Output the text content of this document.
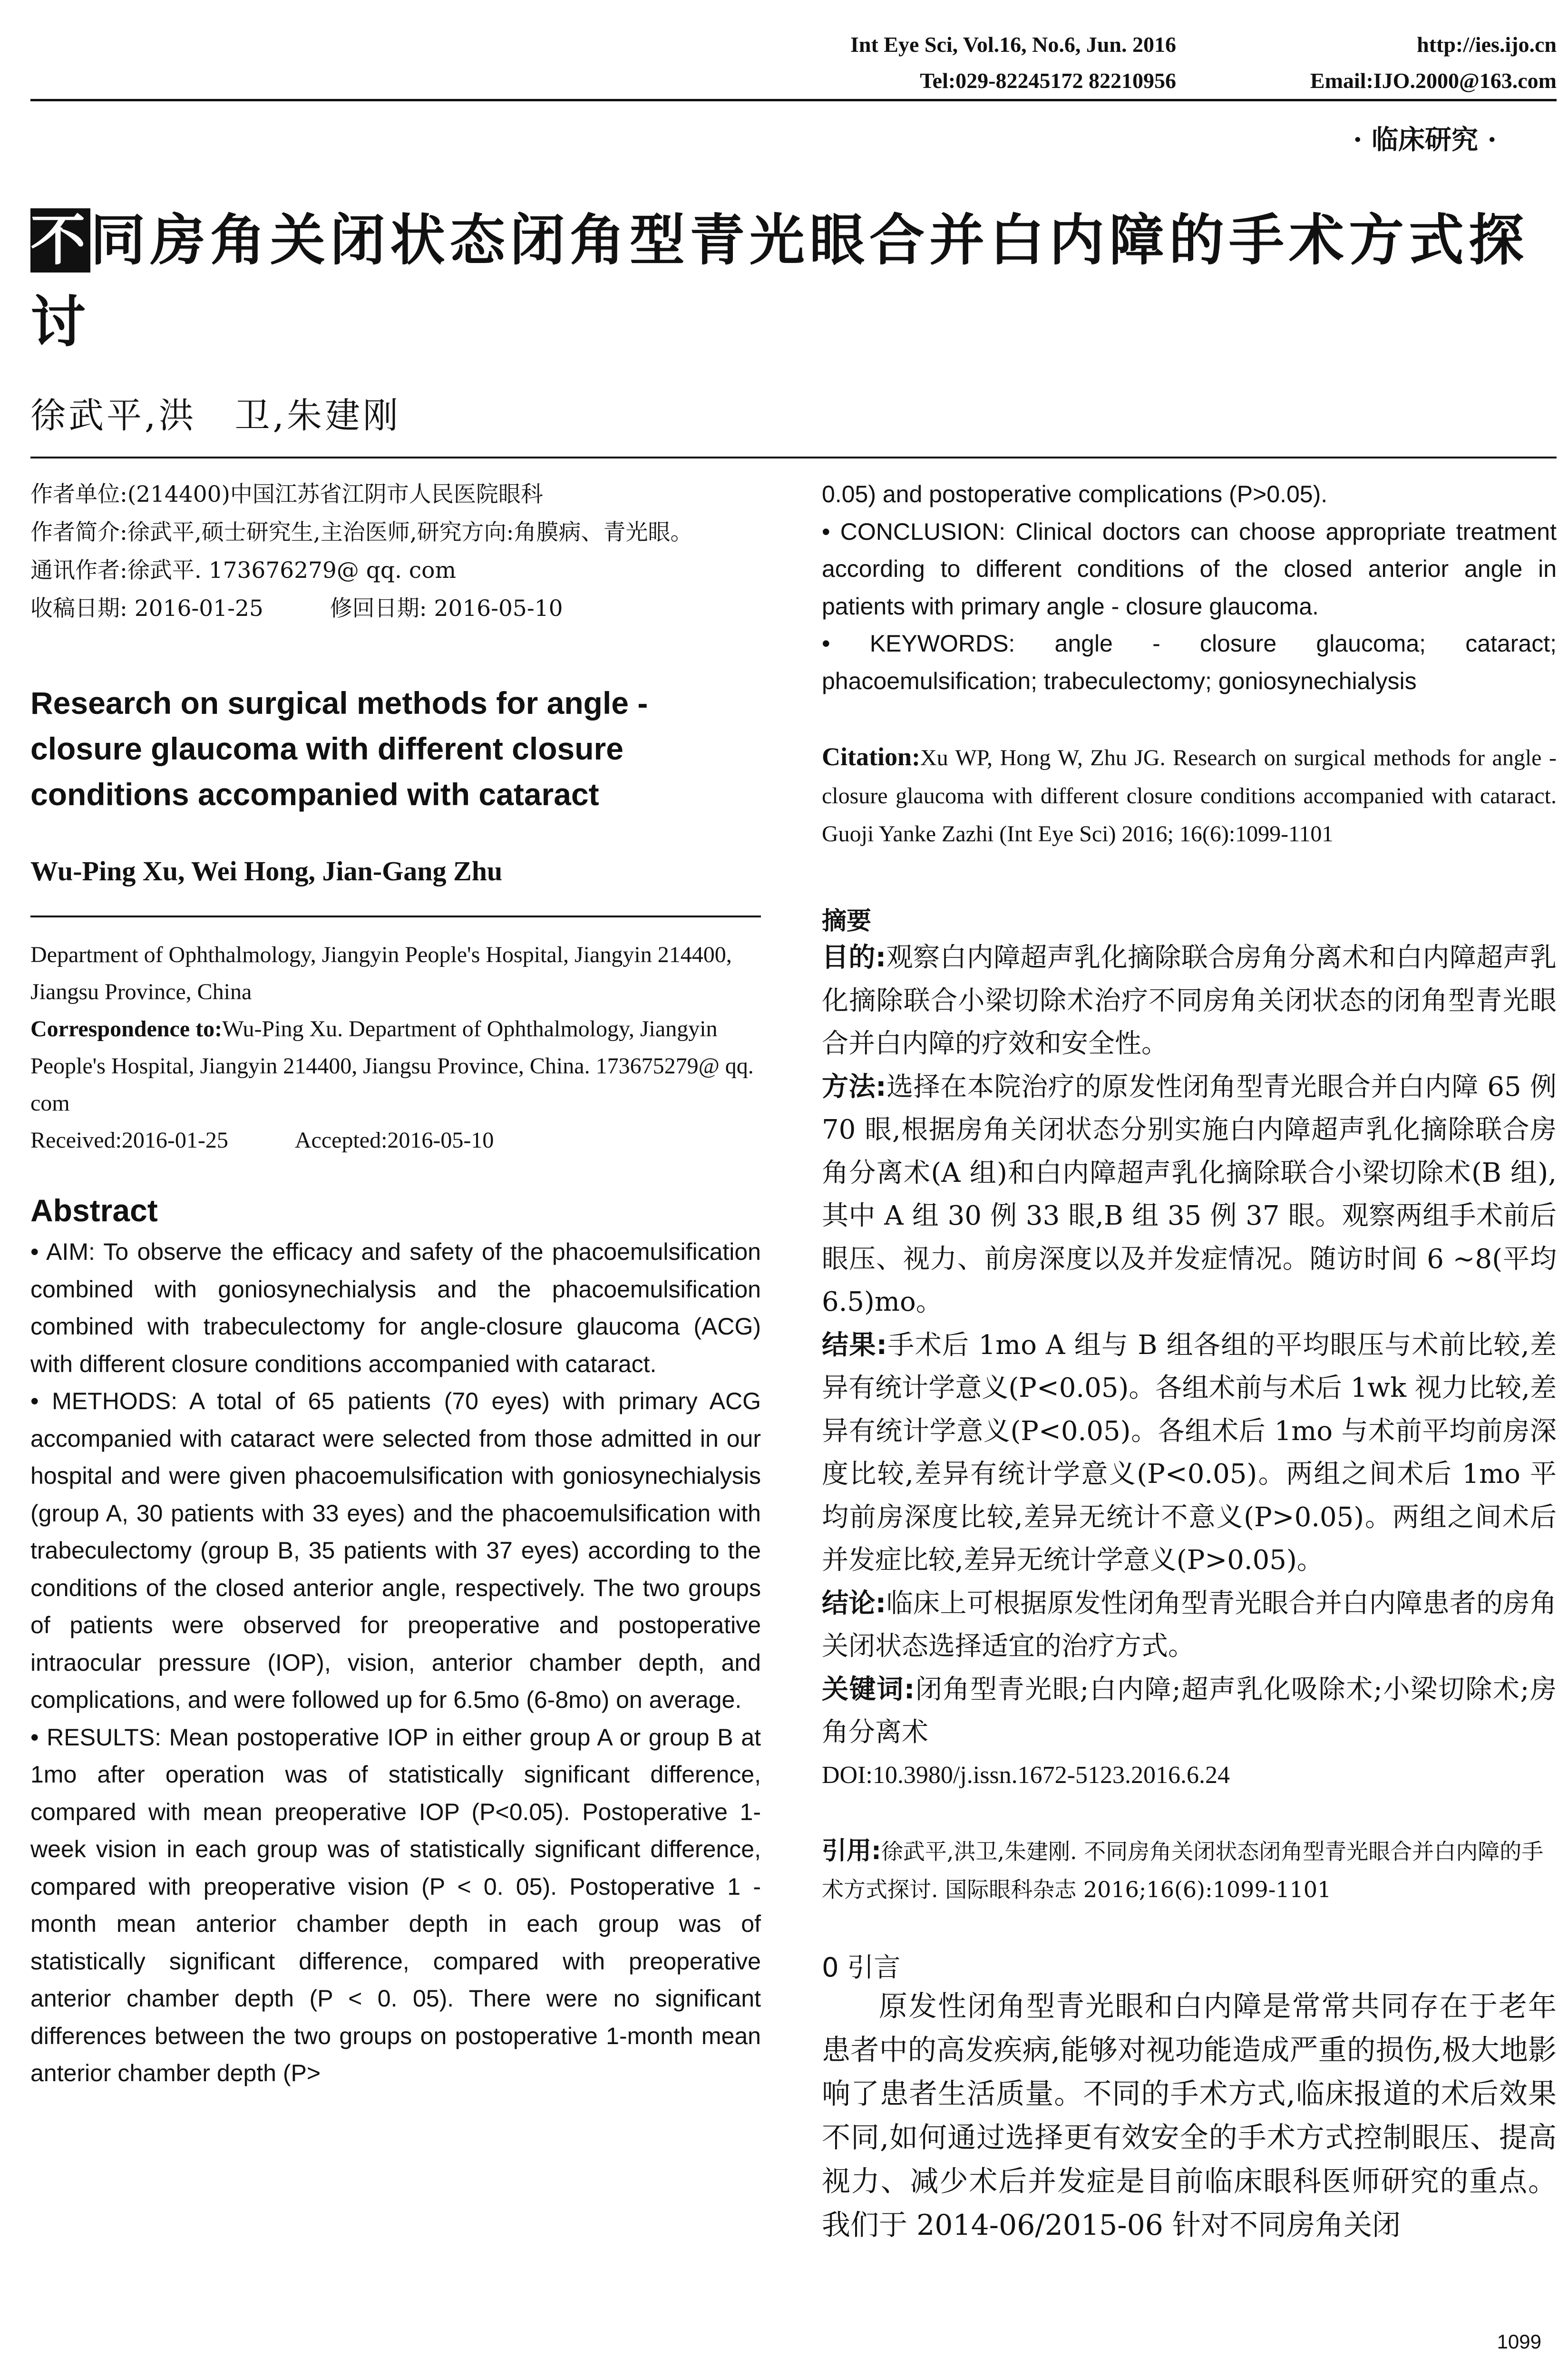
Int Eye Sci, Vol.16, No.6, Jun. 2016	http://ies.ijo.cn
Tel:029-82245172 82210956	Email:IJO.2000@163.com
· 临床研究 ·
不同房角关闭状态闭角型青光眼合并白内障的手术方式探讨
徐武平,洪　卫,朱建刚
作者单位:(214400)中国江苏省江阴市人民医院眼科
作者简介:徐武平,硕士研究生,主治医师,研究方向:角膜病、青光眼。
通讯作者:徐武平. 173676279@ qq. com
收稿日期: 2016-01-25	修回日期: 2016-05-10
Research on surgical methods for angle - closure glaucoma with different closure conditions accompanied with cataract
Wu-Ping Xu, Wei Hong, Jian-Gang Zhu
Department of Ophthalmology, Jiangyin People's Hospital, Jiangyin 214400, Jiangsu Province, China
Correspondence to:Wu-Ping Xu. Department of Ophthalmology, Jiangyin People's Hospital, Jiangyin 214400, Jiangsu Province, China. 173675279@ qq. com
Received:2016-01-25	Accepted:2016-05-10
Abstract

• AIM: To observe the efficacy and safety of the phacoemulsification combined with goniosynechialysis and the phacoemulsification combined with trabeculectomy for angle-closure glaucoma (ACG) with different closure conditions accompanied with cataract.

• METHODS: A total of 65 patients (70 eyes) with primary ACG accompanied with cataract were selected from those admitted in our hospital and were given phacoemulsification with goniosynechialysis (group A, 30 patients with 33 eyes) and the phacoemulsification with trabeculectomy (group B, 35 patients with 37 eyes) according to the conditions of the closed anterior angle, respectively. The two groups of patients were observed for preoperative and postoperative intraocular pressure (IOP), vision, anterior chamber depth, and complications, and were followed up for 6.5mo (6-8mo) on average.

• RESULTS: Mean postoperative IOP in either group A or group B at 1mo after operation was of statistically significant difference, compared with mean preoperative IOP (P<0.05). Postoperative 1-week vision in each group was of statistically significant difference, compared with preoperative vision (P < 0. 05). Postoperative 1 - month mean anterior chamber depth in each group was of statistically significant difference, compared with preoperative anterior chamber depth (P < 0. 05). There were no significant differences between the two groups on postoperative 1-month mean anterior chamber depth (P>

0.05) and postoperative complications (P>0.05).

• CONCLUSION: Clinical doctors can choose appropriate treatment according to different conditions of the closed anterior angle in patients with primary angle - closure glaucoma.

• KEYWORDS: angle - closure glaucoma; cataract; phacoemulsification; trabeculectomy; goniosynechialysis

Citation:Xu WP, Hong W, Zhu JG. Research on surgical methods for angle - closure glaucoma with different closure conditions accompanied with cataract. Guoji Yanke Zazhi (Int Eye Sci) 2016; 16(6):1099-1101
摘要

目的:观察白内障超声乳化摘除联合房角分离术和白内障超声乳化摘除联合小梁切除术治疗不同房角关闭状态的闭角型青光眼合并白内障的疗效和安全性。

方法:选择在本院治疗的原发性闭角型青光眼合并白内障 65 例 70 眼,根据房角关闭状态分别实施白内障超声乳化摘除联合房角分离术(A 组)和白内障超声乳化摘除联合小梁切除术(B 组),其中 A 组 30 例 33 眼,B 组 35 例 37 眼。观察两组手术前后眼压、视力、前房深度以及并发症情况。随访时间 6 ~8(平均 6.5)mo。

结果:手术后 1mo A 组与 B 组各组的平均眼压与术前比较,差异有统计学意义(P<0.05)。各组术前与术后 1wk 视力比较,差异有统计学意义(P<0.05)。各组术后 1mo 与术前平均前房深度比较,差异有统计学意义(P<0.05)。两组之间术后 1mo 平均前房深度比较,差异无统计不意义(P>0.05)。两组之间术后并发症比较,差异无统计学意义(P>0.05)。

结论:临床上可根据原发性闭角型青光眼合并白内障患者的房角关闭状态选择适宜的治疗方式。

关键词:闭角型青光眼;白内障;超声乳化吸除术;小梁切除术;房角分离术

DOI:10.3980/j.issn.1672-5123.2016.6.24
引用:徐武平,洪卫,朱建刚. 不同房角关闭状态闭角型青光眼合并白内障的手术方式探讨. 国际眼科杂志 2016;16(6):1099-1101
0 引言
原发性闭角型青光眼和白内障是常常共同存在于老年患者中的高发疾病,能够对视功能造成严重的损伤,极大地影响了患者生活质量。不同的手术方式,临床报道的术后效果不同,如何通过选择更有效安全的手术方式控制眼压、提高视力、减少术后并发症是目前临床眼科医师研究的重点。我们于 2014-06/2015-06 针对不同房角关闭
1099
